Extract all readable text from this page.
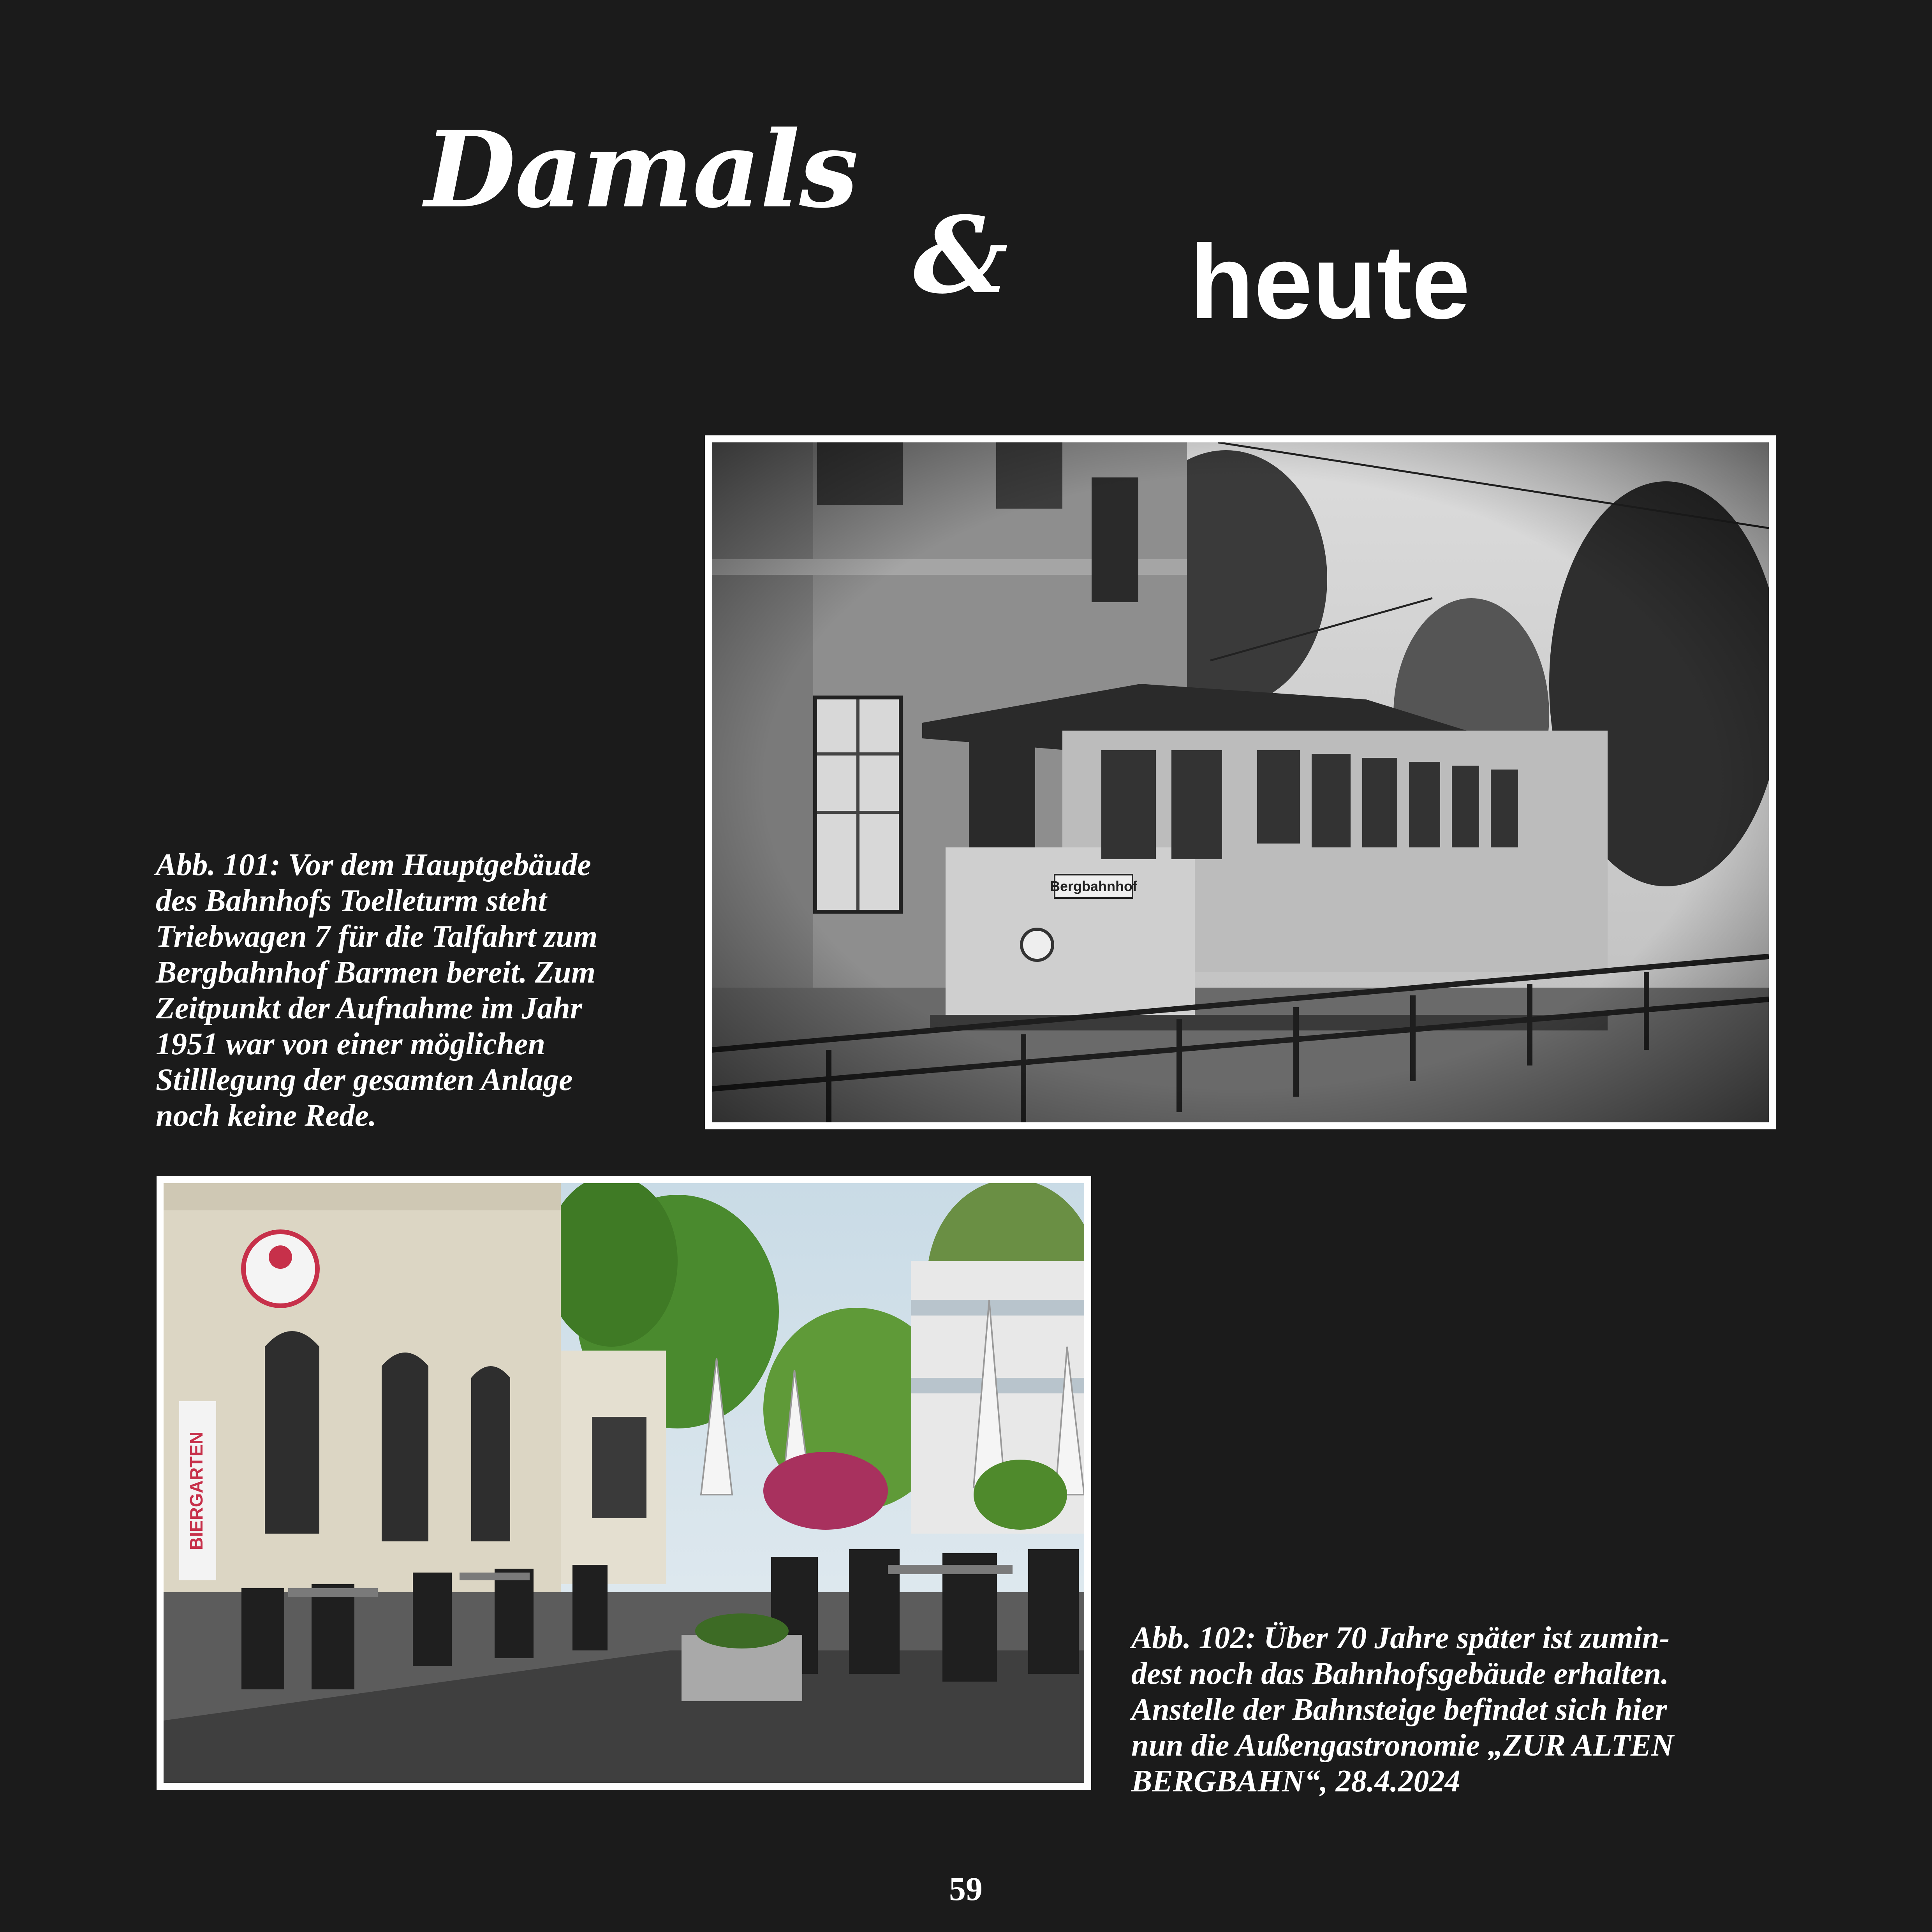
Damals
& heute
Abb. 101: Vor dem Hauptgebäude
des Bahnhofs Toelleturm steht
Triebwagen 7 für die Talfahrt zum
Bergbahnhof Barmen bereit. Zum
Zeitpunkt der Aufnahme im Jahr
1951 war von einer möglichen
Stilllegung der gesamten Anlage
noch keine Rede.
BIERGARTEN
Abb. 102: Über 70 Jahre später ist zumin-
dest noch das Bahnhofsgebäude erhalten.
Anstelle der Bahnsteige befindet sich hier
nun die Außengastronomie „ZUR ALTEN
BERGBAHN“, 28.4.2024
59
